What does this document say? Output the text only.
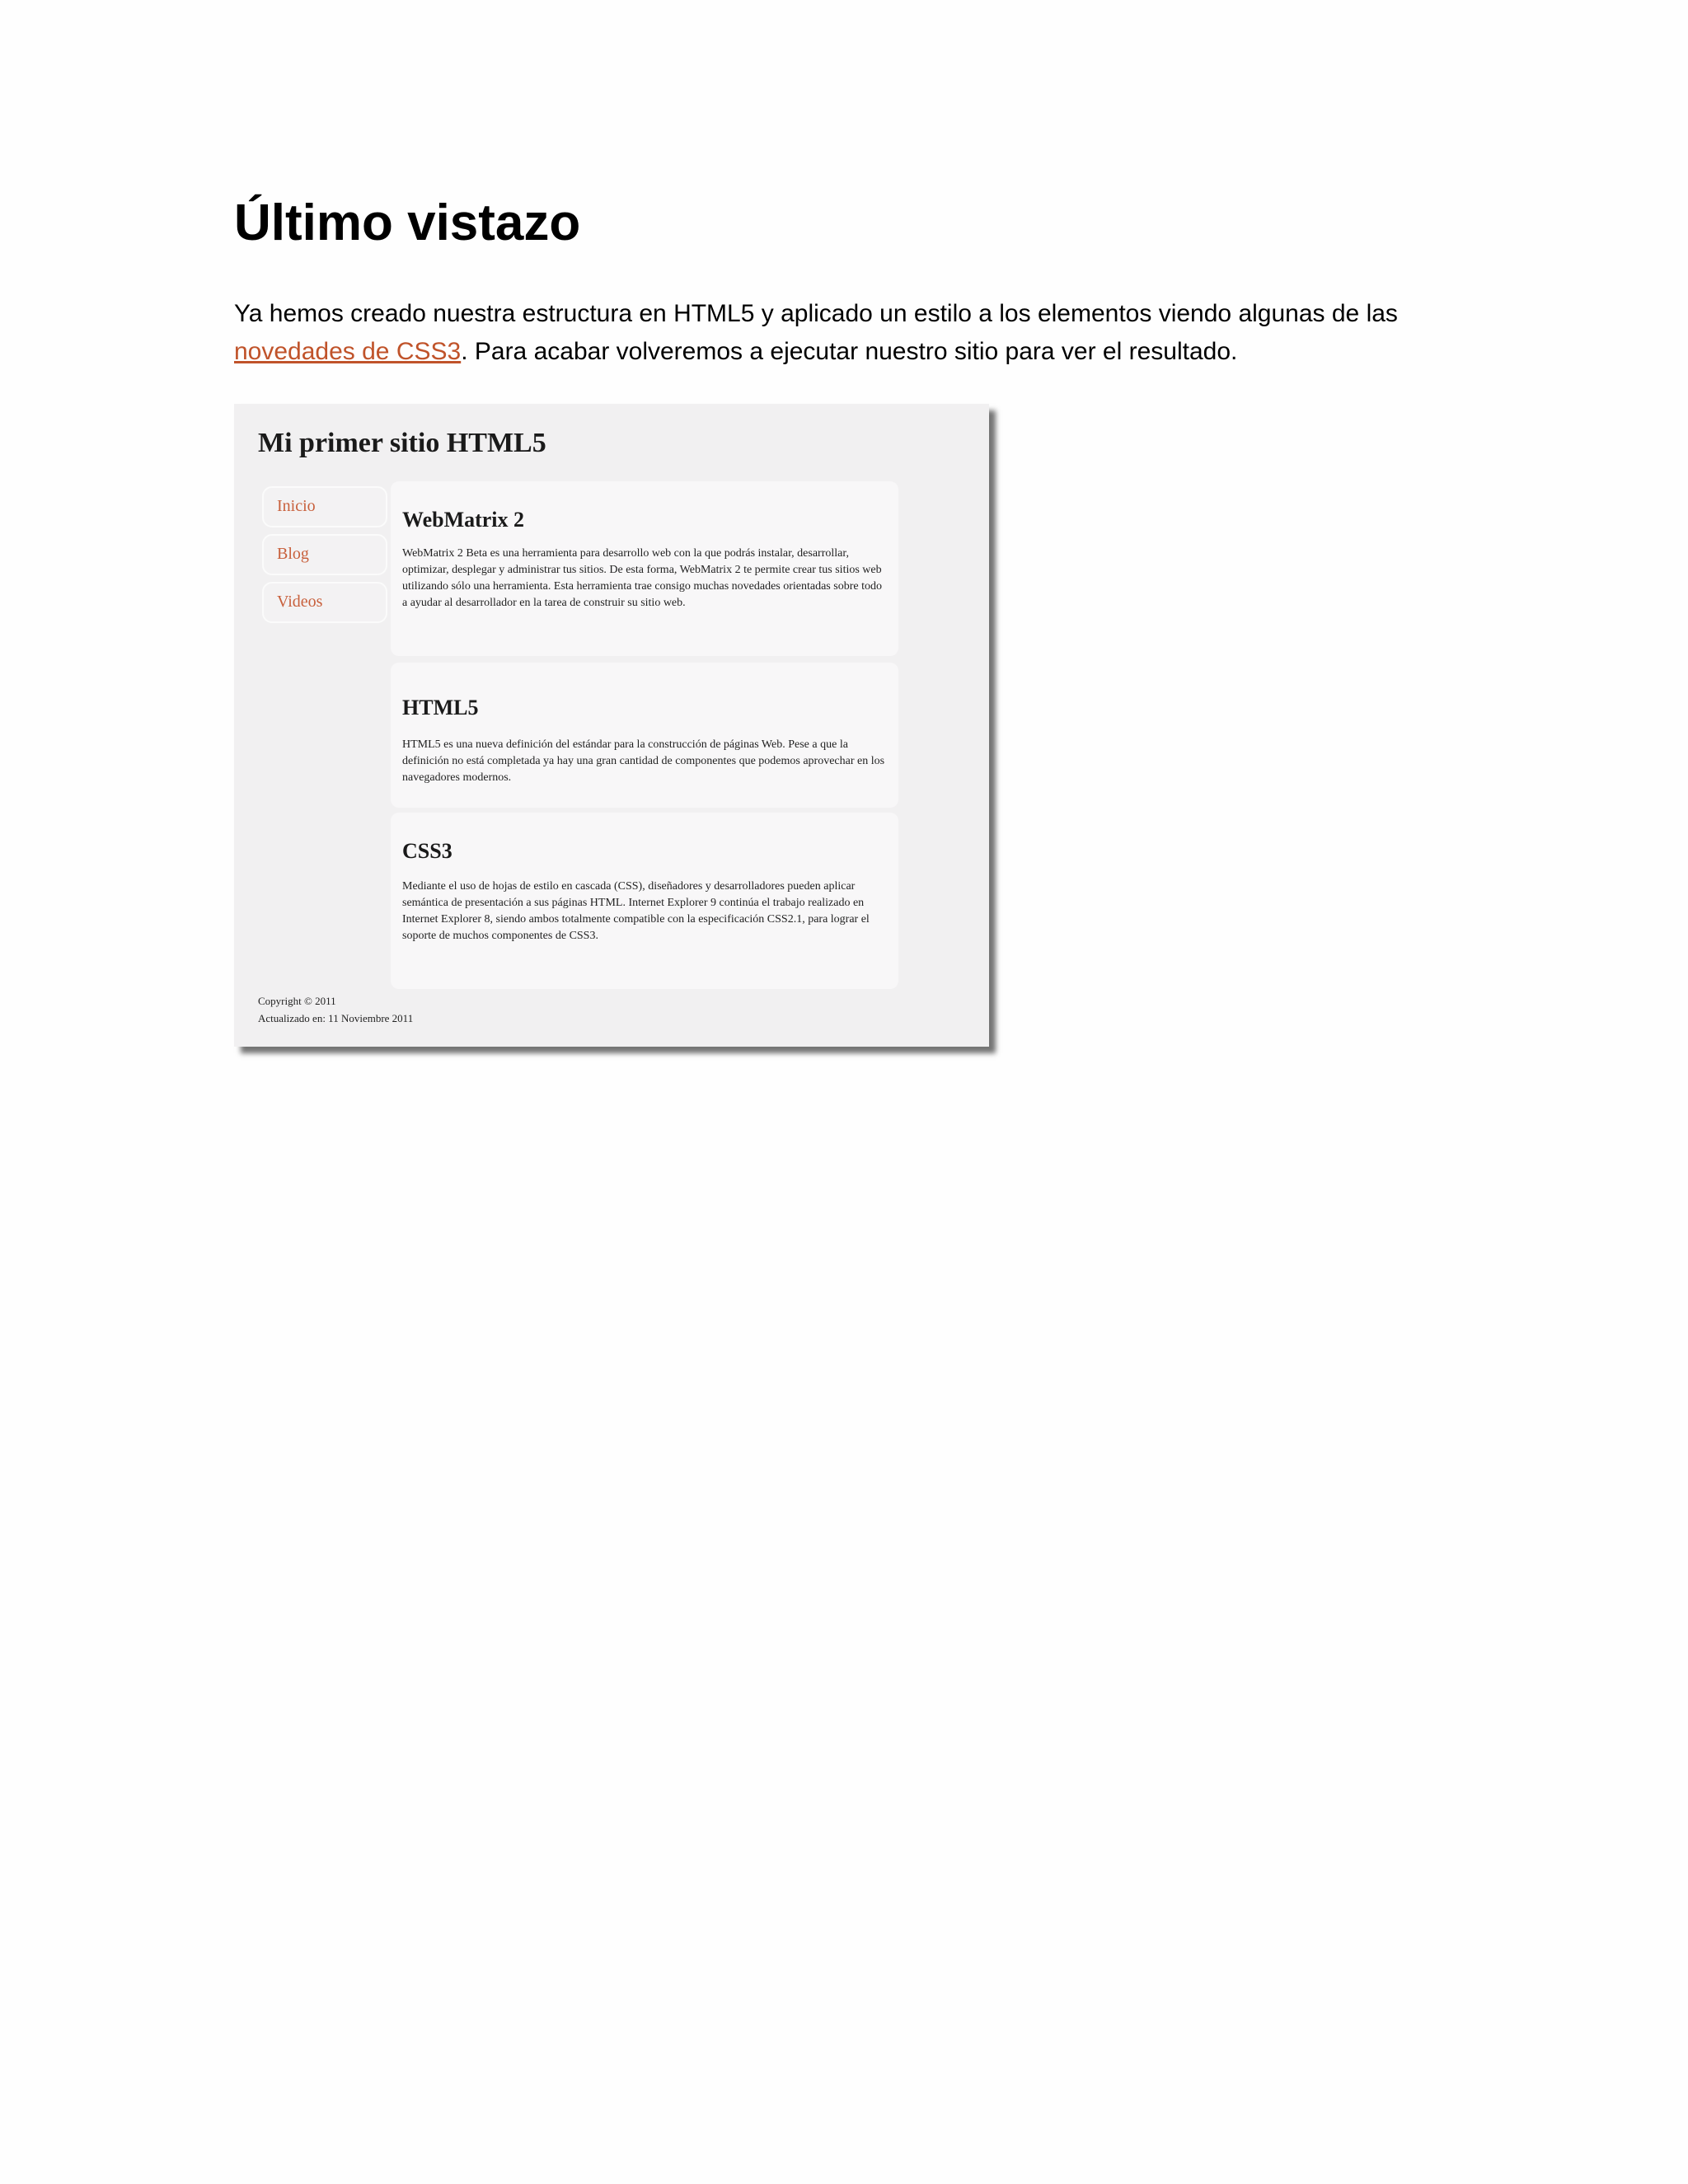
Último vistazo

Ya hemos creado nuestra estructura en HTML5 y aplicado un estilo a los elementos viendo algunas de las novedades de CSS3. Para acabar volveremos a ejecutar nuestro sitio para ver el resultado.

Mi primer sitio HTML5
Inicio
Blog
Videos
WebMatrix 2

WebMatrix 2 Beta es una herramienta para desarrollo web con la que podrás instalar, desarrollar, optimizar, desplegar y administrar tus sitios. De esta forma, WebMatrix 2 te permite crear tus sitios web utilizando sólo una herramienta. Esta herramienta trae consigo muchas novedades orientadas sobre todo a ayudar al desarrollador en la tarea de construir su sitio web.

HTML5

HTML5 es una nueva definición del estándar para la construcción de páginas Web. Pese a que la definición no está completada ya hay una gran cantidad de componentes que podemos aprovechar en los navegadores modernos.

CSS3

Mediante el uso de hojas de estilo en cascada (CSS), diseñadores y desarrolladores pueden aplicar semántica de presentación a sus páginas HTML. Internet Explorer 9 continúa el trabajo realizado en Internet Explorer 8, siendo ambos totalmente compatible con la especificación CSS2.1, para lograr el soporte de muchos componentes de CSS3.

Copyright © 2011
Actualizado en: 11 Noviembre 2011
